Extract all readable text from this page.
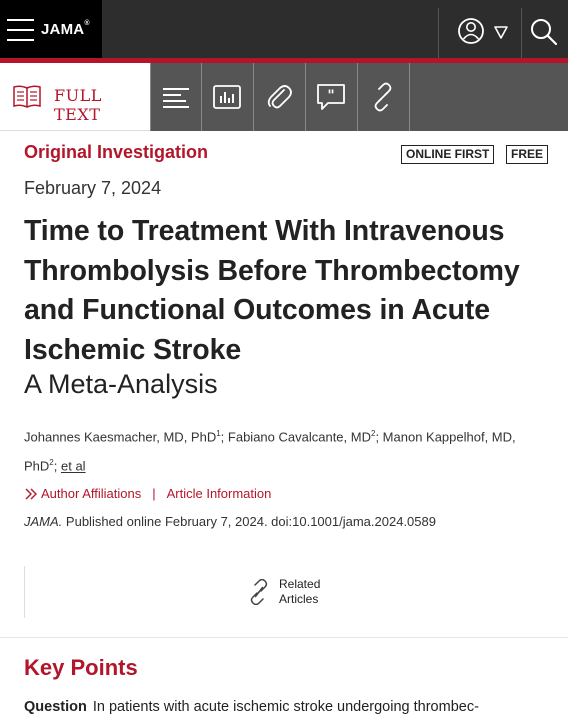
JAMA®
FULL TEXT
"
Original Investigation	ONLINE FIRST	FREE
February 7, 2024
Time to Treatment With Intravenous Thrombolysis Before Thrombectomy and Functional Outcomes in Acute Ischemic Stroke
A Meta-Analysis
Johannes Kaesmacher, MD, PhD$^1$; Fabiano Cavalcante, $MD^2$; Manon Kappelhof, MD, PhD$^2$; et al
Author Affiliations | Article Information
JAMA. Published online February 7, 2024. doi:10.1001/jama.2024.0589
Related
Articles
Key Points
Question In patients with acute ischemic stroke undergoing thrombec-
